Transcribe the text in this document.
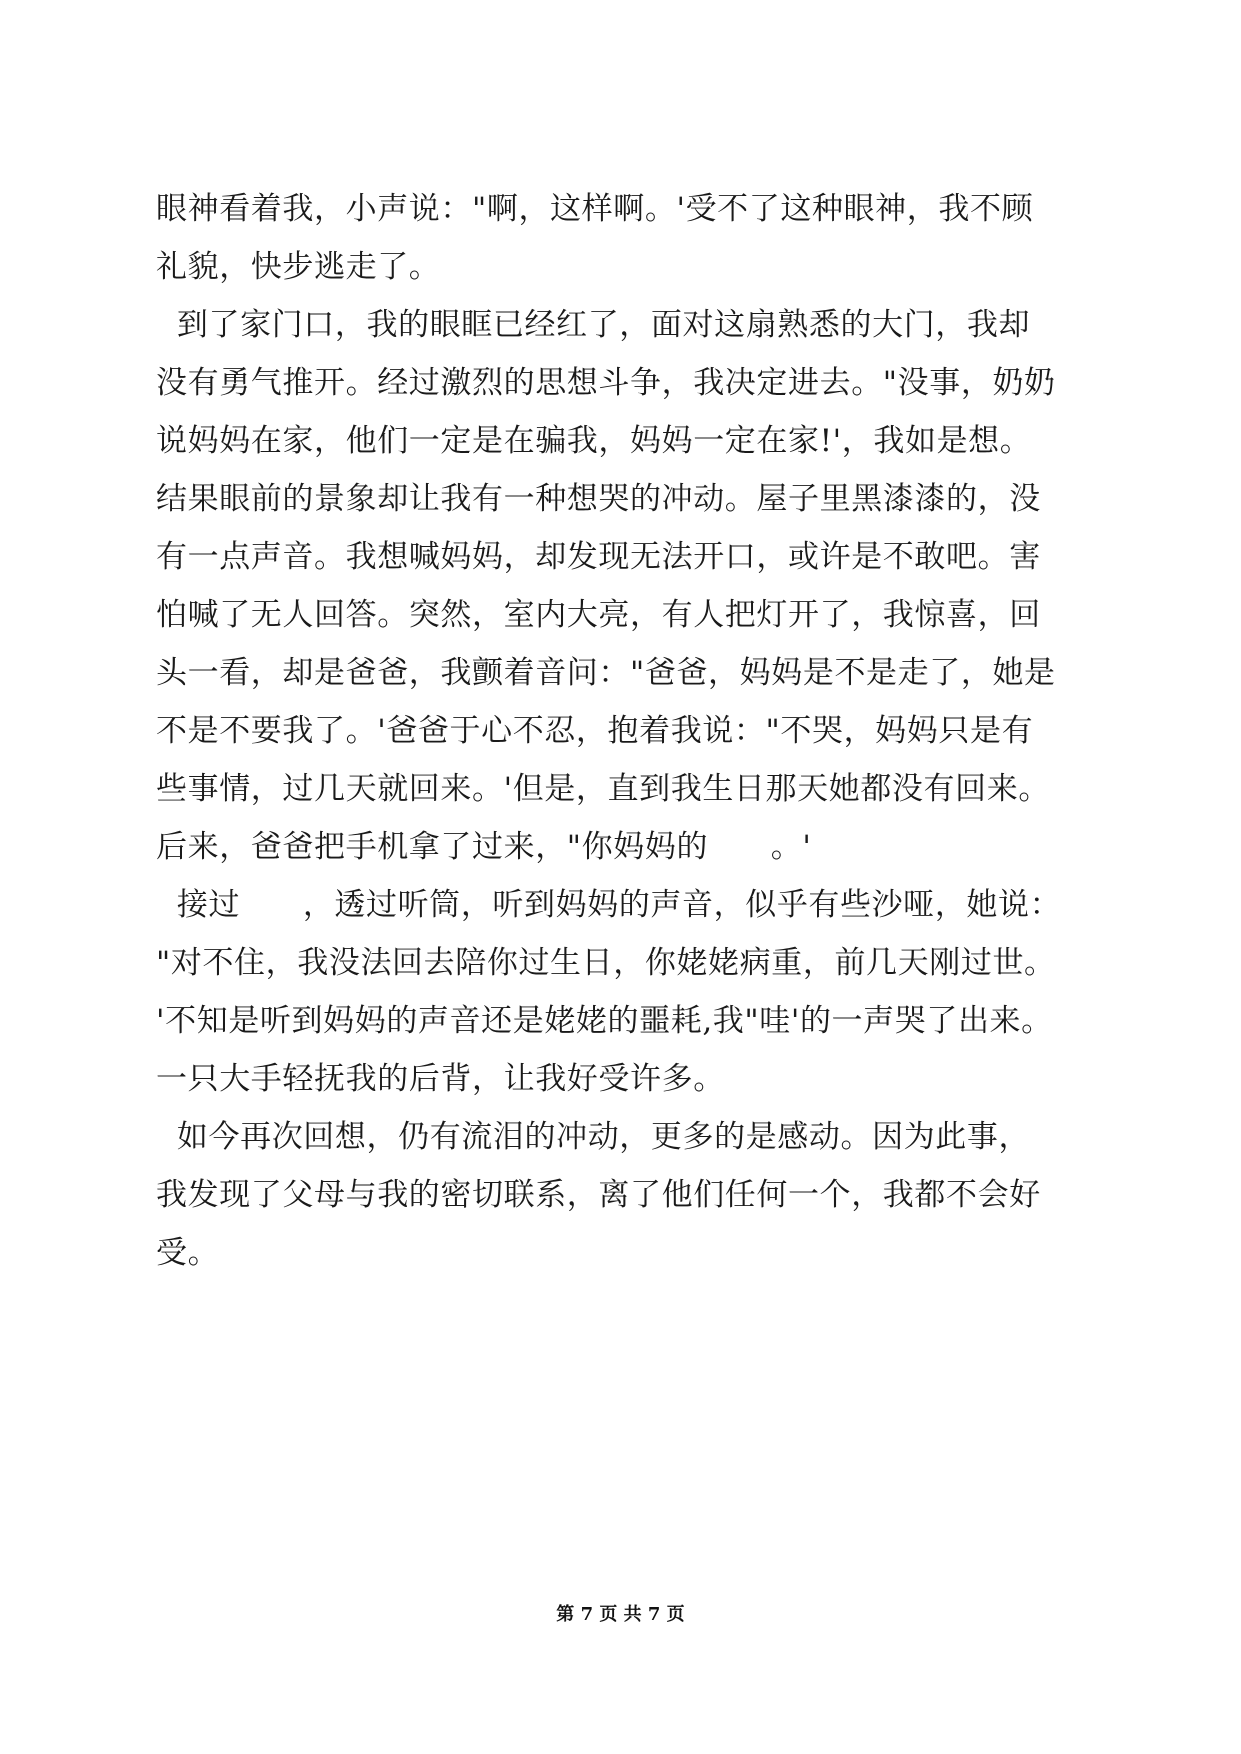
眼神看着我，小声说："啊，这样啊。'受不了这种眼神，我不顾
礼貌，快步逃走了。
到了家门口，我的眼眶已经红了，面对这扇熟悉的大门，我却
没有勇气推开。经过激烈的思想斗争，我决定进去。"没事，奶奶
说妈妈在家，他们一定是在骗我，妈妈一定在家!'，我如是想。
结果眼前的景象却让我有一种想哭的冲动。屋子里黑漆漆的，没
有一点声音。我想喊妈妈，却发现无法开口，或许是不敢吧。害
怕喊了无人回答。突然，室内大亮，有人把灯开了，我惊喜，回
头一看，却是爸爸，我颤着音问："爸爸，妈妈是不是走了，她是
不是不要我了。'爸爸于心不忍，抱着我说："不哭，妈妈只是有
些事情，过几天就回来。'但是，直到我生日那天她都没有回来。
后来，爸爸把手机拿了过来，"你妈妈的      。'
接过      ，透过听筒，听到妈妈的声音，似乎有些沙哑，她说：
"对不住，我没法回去陪你过生日，你姥姥病重，前几天刚过世。
'不知是听到妈妈的声音还是姥姥的噩耗,我"哇'的一声哭了出来。
一只大手轻抚我的后背，让我好受许多。
如今再次回想，仍有流泪的冲动，更多的是感动。因为此事，
我发现了父母与我的密切联系，离了他们任何一个，我都不会好
受。
第 7 页 共 7 页
